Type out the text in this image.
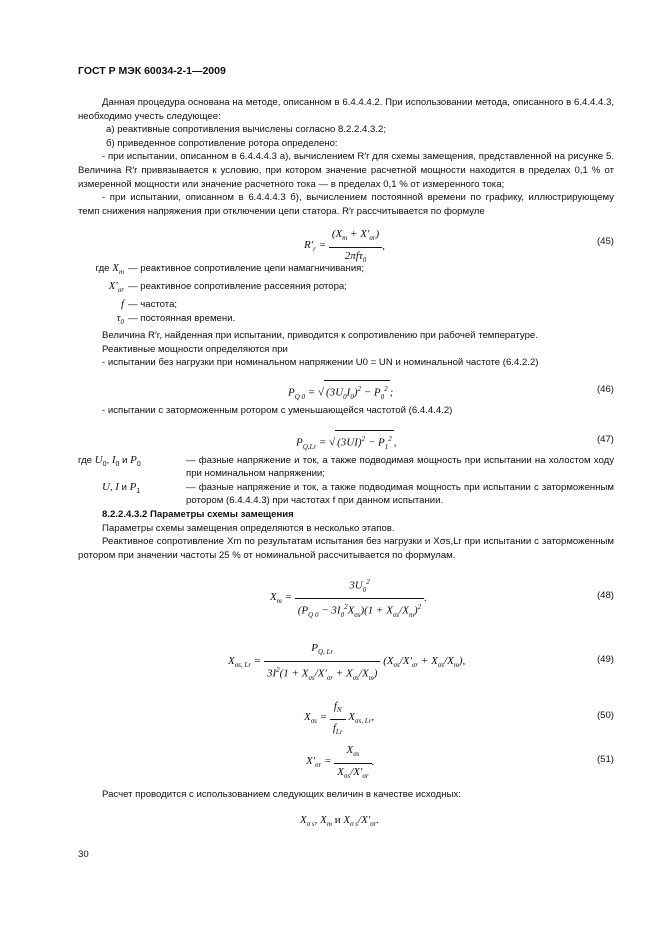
ГОСТ Р МЭК 60034-2-1—2009

Данная процедура основана на методе, описанном в 6.4.4.4.2. При использовании метода, описанного в 6.4.4.4.3, необходимо учесть следующее:

а) реактивные сопротивления вычислены согласно 8.2.2.4.3.2;

б) приведенное сопротивление ротора определено:

- при испытании, описанном в 6.4.4.4.3 а), вычислением R′r для схемы замещения, представленной на рисунке 5. Величина R′r привязывается к условию, при котором значение расчетной мощности находится в пределах 0,1 % от измеренной мощности или значение расчетного тока — в пределах 0,1 % от измеренного тока;

- при испытании, описанном в 6.4.4.4.3 б), вычислением постоянной времени по графику, иллюстрирующему темп снижения напряжения при отключении цепи статора. R′r рассчитывается по формуле

$R'_r = \frac{(X_m + X'_{\sigma r})}{2\pi f\tau_0}$ ,	(45)
где $X_m$ — реактивное сопротивление цепи намагничивания;
$X'_{\sigma r}$ — реактивное сопротивление рассеяния ротора;
f — частота;
$\tau_0$ — постоянная времени.

Величина R′r, найденная при испытании, приводится к сопротивлению при рабочей температуре.

Реактивные мощности определяются при

- испытании без нагрузки при номинальном напряжении U0 = UN и номинальной частоте (6.4.2.2)

$P_{Q 0}$ = √ $(3U_0I_0)^2 - P_0^2$ ;	(46)

- испытании с заторможенным ротором с уменьшающейся частотой (6.4.4.4.2)

$P_{Q,Lr}$ = √ $(3UI)^2 - P_1^2$ ,	(47)
где $U_0$, $I_0$ и $P_0$	— фазные напряжение и ток, а также подводимая мощность при испытании на холостом ходу при номинальном напряжении;
U, I и $P_1$	— фазные напряжение и ток, а также подводимая мощность при испытании с заторможенным ротором (6.4.4.4.3) при частотах f при данном испытании.

8.2.2.4.3.2 Параметры схемы замещения

Параметры схемы замещения определяются в несколько этапов.

Реактивное сопротивление Xm по результатам испытания без нагрузки и Xσs,Lr при испытании с заторможенным ротором при значении частоты 25 % от номинальной рассчитывается по формулам.

$X_m = \frac{3U_0^2}{(P_{Q 0} - 3I_0^2X_{\sigma s})(1 + X_{\sigma s}/X_m)^2}$ .	(48)
$X_{\sigma s, Lr} = \frac{P_{Q, Lr}}{3I^2(1 + X_{\sigma s}/X'_{\sigma r} + X_{\sigma s}/X_m)} (X_{\sigma s}/X'_{\sigma r} + X_{\sigma s}/X_m)$,	(49)
$X_{\sigma s} = \frac{f_N}{f_{Lr}} X_{\sigma s, Lr}$,	(50)
$X'_{\sigma r} = \frac{X_{\sigma s}}{X_{\sigma s}/X'_{\sigma r}}$ .	(51)

Расчет проводится с использованием следующих величин в качестве исходных:

$X_{\sigma s}$, $X_m$ и $X_{\sigma s}/X'_{\sigma r}$.
30
